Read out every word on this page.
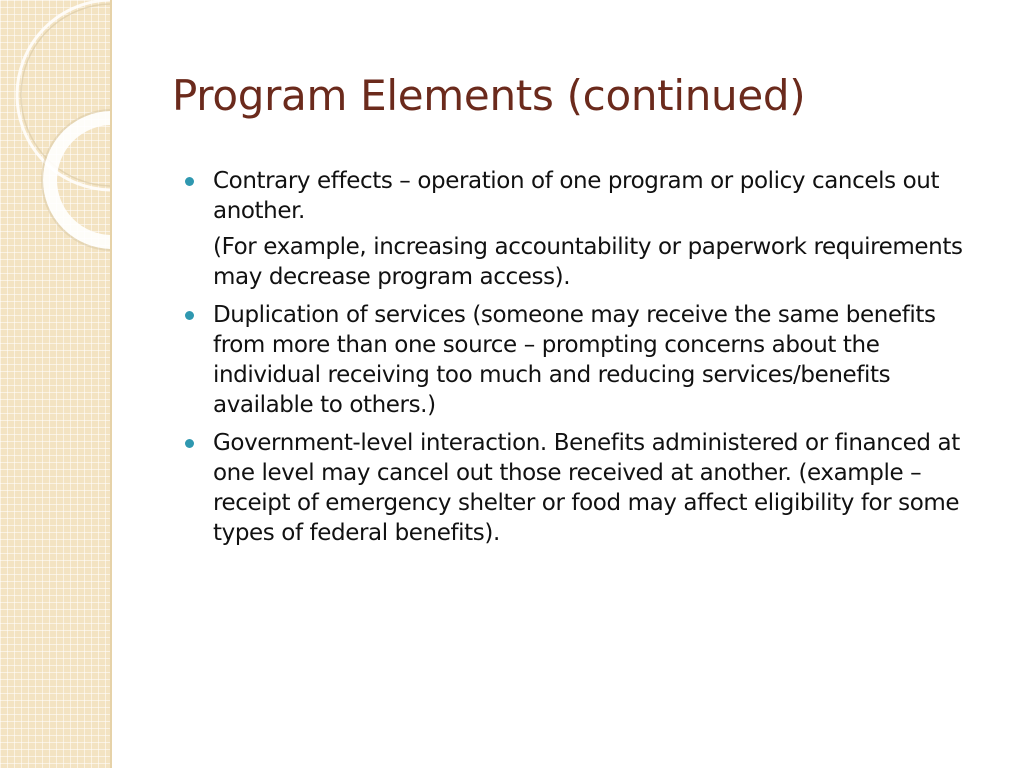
Program Elements (continued)
Contrary effects – operation of one program or policy cancels out another.
(For example, increasing accountability or paperwork requirements may decrease program access).
Duplication of services (someone may receive the same benefits from more than one source – prompting concerns about the individual receiving too much and reducing services/benefits available to others.)
Government-level interaction. Benefits administered or financed at one level may cancel out those received at another. (example – receipt of emergency shelter or food may affect eligibility for some types of federal benefits).
